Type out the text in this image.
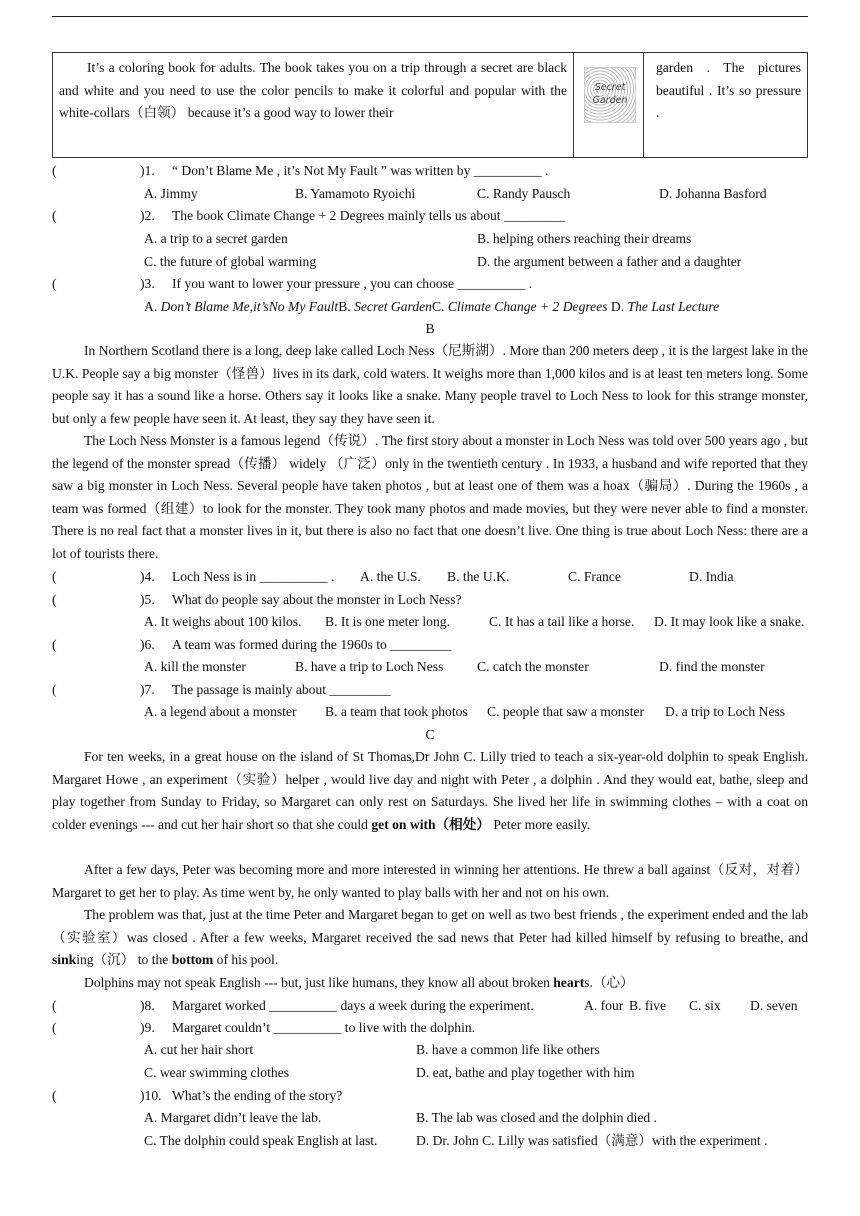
It’s a coloring book for adults. The book takes you on a trip through a secret are black and white and you need to use the color pencils to make it colorful and popular with the white-collars（白领） because it’s a good way to lower their
Secret
Garden
garden . The pictures beautiful . It’s so pressure .
(	)1. “ Don’t Blame Me , it’s Not My Fault ” was written by __________ .
A. Jimmy	B. Yamamoto Ryoichi	C. Randy Pausch	D. Johanna Basford
(	)2. The book Climate Change + 2 Degrees mainly tells us about _________
A. a trip to a secret garden	B. helping others reaching their dreams
C. the future of global warming	D. the argument between a father and a daughter
(	)3. If you want to lower your pressure , you can choose __________ .
A. Don’t Blame Me,it’sNo My FaultB. Secret GardenC. Climate Change + 2 Degrees D. The Last Lecture
B
In Northern Scotland there is a long, deep lake called Loch Ness（尼斯湖）. More than 200 meters deep , it is the largest lake in the U.K. People say a big monster（怪兽）lives in its dark, cold waters. It weighs more than 1,000 kilos and is at least ten meters long. Some people say it has a sound like a horse. Others say it looks like a snake. Many people travel to Loch Ness to look for this strange monster, but only a few people have seen it. At least, they say they have seen it.
The Loch Ness Monster is a famous legend（传说）. The first story about a monster in Loch Ness was told over 500 years ago , but the legend of the monster spread（传播） widely （广泛）only in the twentieth century . In 1933, a husband and wife reported that they saw a big monster in Loch Ness. Several people have taken photos , but at least one of them was a hoax（骗局）. During the 1960s , a team was formed（组建）to look for the monster. They took many photos and made movies, but they were never able to find a monster. There is no real fact that a monster lives in it, but there is also no fact that one doesn’t live. One thing is true about Loch Ness: there are a lot of tourists there.
(	)4. Loch Ness is in __________ . A. the U.S. B. the U.K.	C. France	D. India
(	)5. What do people say about the monster in Loch Ness?
A. It weighs about 100 kilos. B. It is one meter long.	C. It has a tail like a horse. D. It may look like a snake.
(	)6. A team was formed during the 1960s to _________
A. kill the monster	B. have a trip to Loch Ness C. catch the monster	D. find the monster
(	)7. The passage is mainly about _________
A. a legend about a monster B. a team that took photos C. people that saw a monster D. a trip to Loch Ness
C
For ten weeks, in a great house on the island of St Thomas,Dr John C. Lilly tried to teach a six-year-old dolphin to speak English. Margaret Howe , an experiment（实验）helper , would live day and night with Peter , a dolphin . And they would eat, bathe, sleep and play together from Sunday to Friday, so Margaret can only rest on Saturdays. She lived her life in swimming clothes – with a coat on colder evenings --- and cut her hair short so that she could get on with（相处） Peter more easily.
After a few days, Peter was becoming more and more interested in winning her attentions. He threw a ball against（反对，对着） Margaret to get her to play. As time went by, he only wanted to play balls with her and not on his own.
The problem was that, just at the time Peter and Margaret began to get on well as two best friends , the experiment ended and the lab（实验室）was closed . After a few weeks, Margaret received the sad news that Peter had killed himself by refusing to breathe, and sinking（沉） to the bottom of his pool.
Dolphins may not speak English --- but, just like humans, they know all about broken hearts.（心）
(	)8. Margaret worked __________ days a week during the experiment.	A. four B. five C. six D. seven
(	)9. Margaret couldn’t __________ to live with the dolphin.
A. cut her hair short	B. have a common life like others
C. wear swimming clothes	D. eat, bathe and play together with him
(	)10. What’s the ending of the story?
A. Margaret didn’t leave the lab.	B. The lab was closed and the dolphin died .
C. The dolphin could speak English at last.	D. Dr. John C. Lilly was satisfied（满意）with the experiment .
